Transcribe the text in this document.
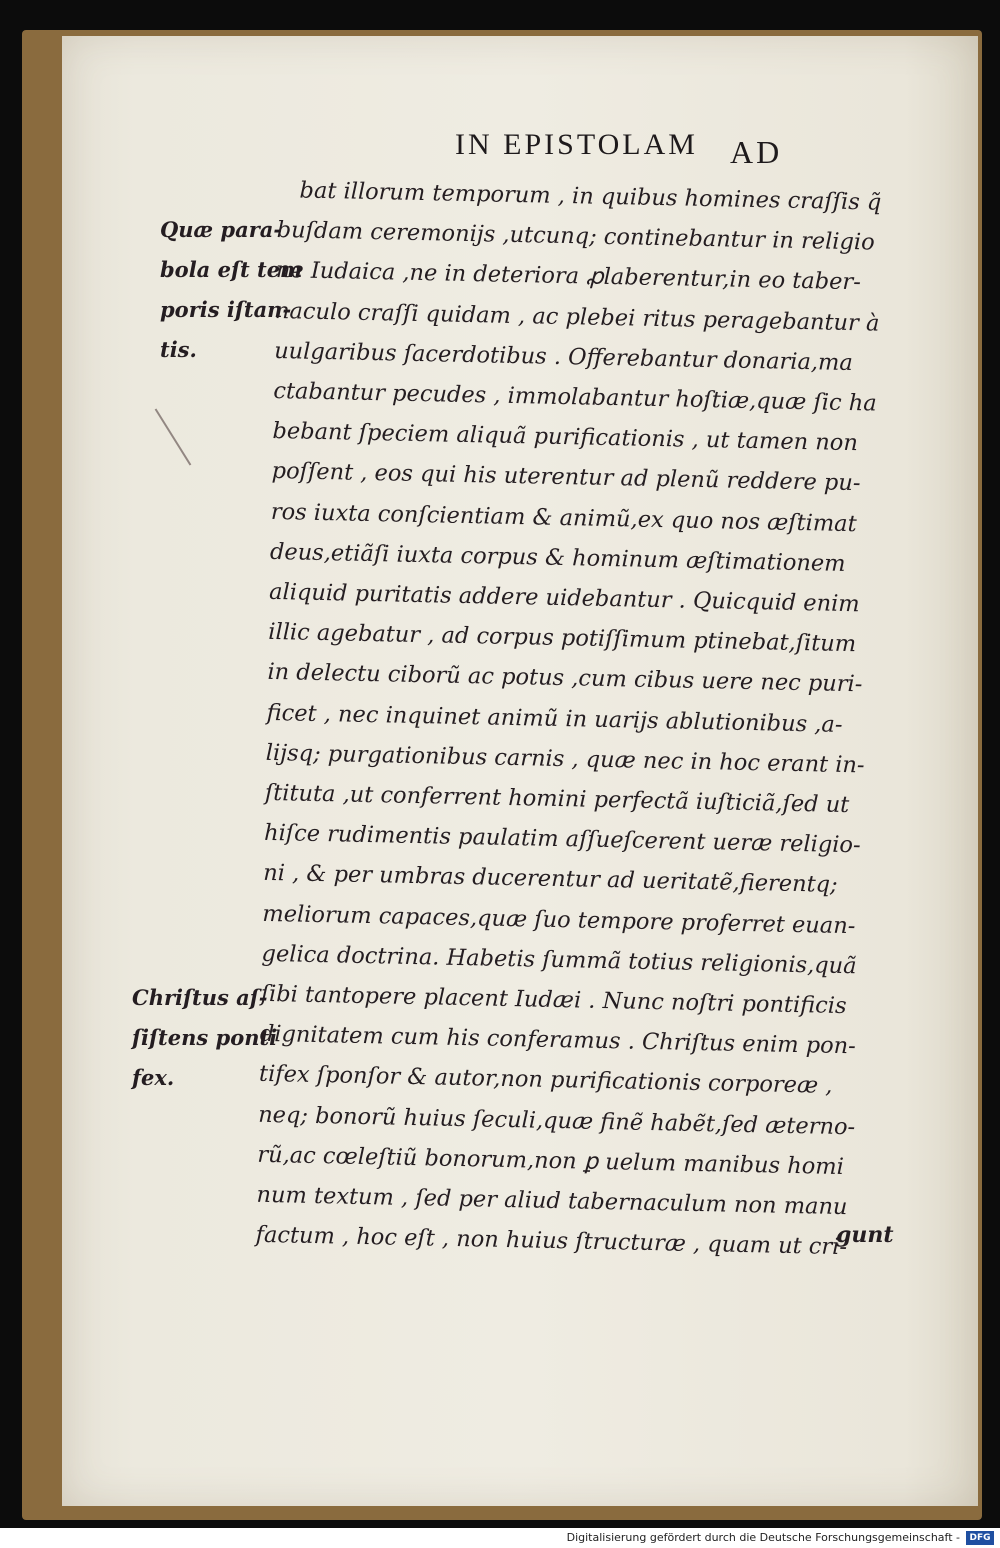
IN EPISTOLAM AD
Quæ para-
bola eſt tem
poris iſtan-
tis.
Chriſtus aſ-
ſiſtens ponti
fex.
bat illorum temporum , in quibus homines craſſis q̃
buſdam ceremonijs ,utcunq; continebantur in religio
ne Iudaica ,ne in deteriora ꝓlaberentur,in eo taber-
naculo craſſi quidam , ac plebei ritus peragebantur à
uulgaribus ſacerdotibus . Offerebantur donaria,ma
ctabantur pecudes , immolabantur hoſtiæ,quæ ſic ha
bebant ſpeciem aliquã purificationis , ut tamen non
poſſent , eos qui his uterentur ad plenũ reddere pu-
ros iuxta conſcientiam & animũ,ex quo nos æſtimat
deus,etiãſi iuxta corpus & hominum æſtimationem
aliquid puritatis addere uidebantur . Quicquid enim
illic agebatur , ad corpus potiſſimum ptinebat,ſitum
in delectu ciborũ ac potus ,cum cibus uere nec puri-
ficet , nec inquinet animũ in uarijs ablutionibus ,a-
lijsq; purgationibus carnis , quæ nec in hoc erant in-
ſtituta ,ut conferrent homini perfectã iuſticiã,ſed ut
hiſce rudimentis paulatim aſſueſcerent ueræ religio-
ni , & per umbras ducerentur ad ueritatẽ,fierentq;
meliorum capaces,quæ ſuo tempore proferret euan-
gelica doctrina. Habetis ſummã totius religionis,quã
ſibi tantopere placent Iudæi . Nunc noſtri pontificis
dignitatem cum his conferamus . Chriſtus enim pon-
tifex ſponſor & autor,non purificationis corporeæ ,
neq; bonorũ huius ſeculi,quæ finẽ habẽt,ſed æterno-
rũ,ac cœleſtiũ bonorum,non ꝑ uelum manibus homi
num textum , ſed per aliud tabernaculum non manu
factum , hoc eſt , non huius ſtructuræ , quam ut cri-
gunt
Digitalisierung gefördert durch die Deutsche Forschungsgemeinschaft -	DFG
